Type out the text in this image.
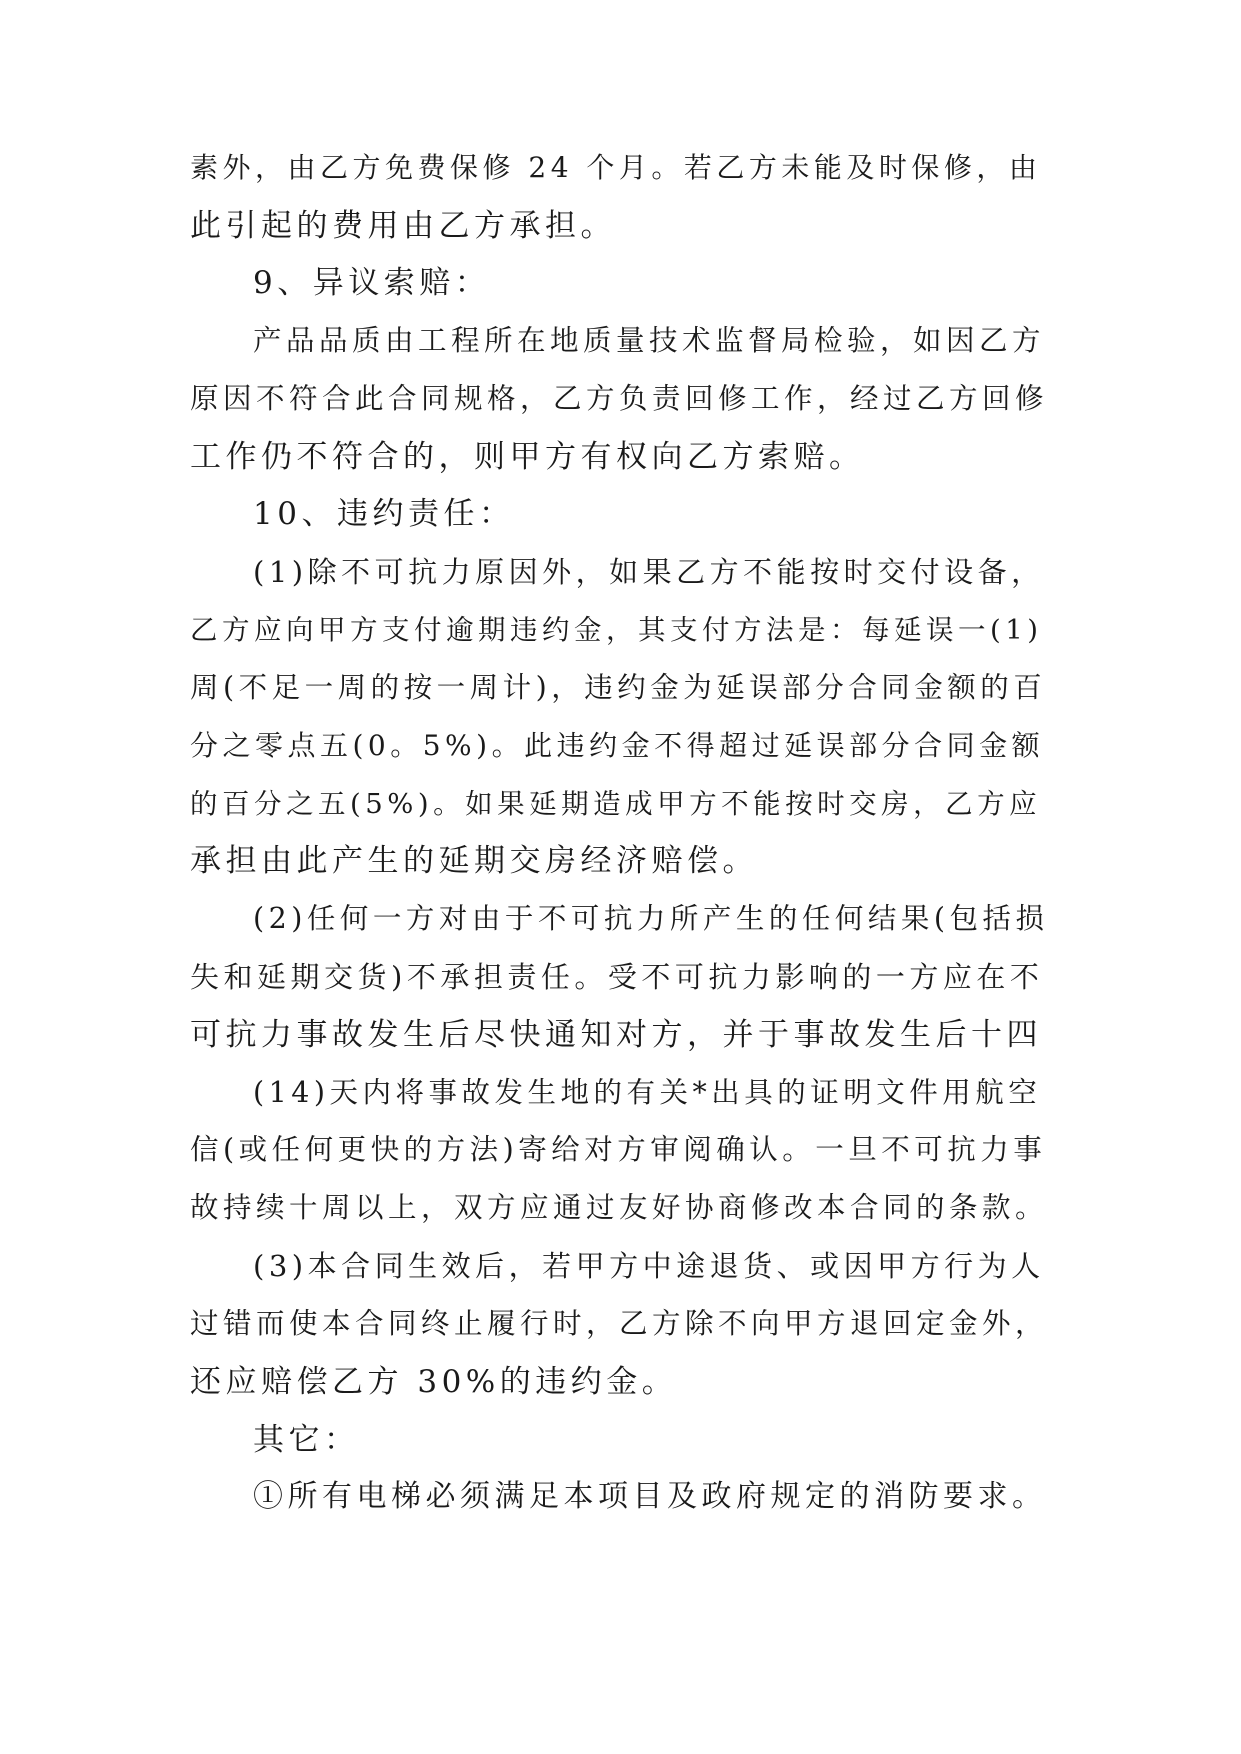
素外，由乙方免费保修 24 个月。若乙方未能及时保修，由
此引起的费用由乙方承担。
9、异议索赔：
产品品质由工程所在地质量技术监督局检验，如因乙方
原因不符合此合同规格，乙方负责回修工作，经过乙方回修
工作仍不符合的，则甲方有权向乙方索赔。
10、违约责任：
(1)除不可抗力原因外，如果乙方不能按时交付设备，
乙方应向甲方支付逾期违约金，其支付方法是：每延误一(1)
周(不足一周的按一周计)，违约金为延误部分合同金额的百
分之零点五(0。5%)。此违约金不得超过延误部分合同金额
的百分之五(5%)。如果延期造成甲方不能按时交房，乙方应
承担由此产生的延期交房经济赔偿。
(2)任何一方对由于不可抗力所产生的任何结果(包括损
失和延期交货)不承担责任。受不可抗力影响的一方应在不
可抗力事故发生后尽快通知对方，并于事故发生后十四
(14)天内将事故发生地的有关*出具的证明文件用航空
信(或任何更快的方法)寄给对方审阅确认。一旦不可抗力事
故持续十周以上，双方应通过友好协商修改本合同的条款。
(3)本合同生效后，若甲方中途退货、或因甲方行为人
过错而使本合同终止履行时，乙方除不向甲方退回定金外，
还应赔偿乙方 30%的违约金。
其它：
①所有电梯必须满足本项目及政府规定的消防要求。
